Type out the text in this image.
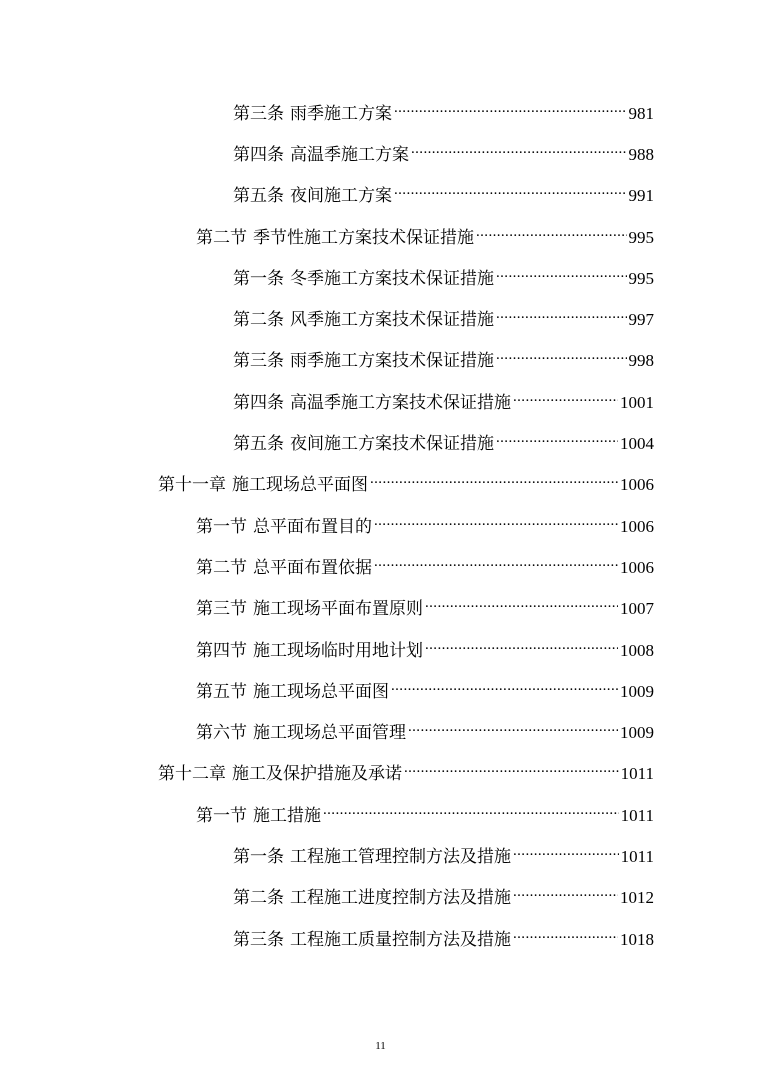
第三条 雨季施工方案 .....	981
第四条 高温季施工方案 .....	988
第五条 夜间施工方案 .....	991
第二节 季节性施工方案技术保证措施 .....	995
第一条 冬季施工方案技术保证措施 .....	995
第二条 风季施工方案技术保证措施 .....	997
第三条 雨季施工方案技术保证措施 .....	998
第四条 高温季施工方案技术保证措施 .....	1001
第五条 夜间施工方案技术保证措施 .....	1004
第十一章 施工现场总平面图 .....	1006
第一节 总平面布置目的 .....	1006
第二节 总平面布置依据 .....	1006
第三节 施工现场平面布置原则 .....	1007
第四节 施工现场临时用地计划 .....	1008
第五节 施工现场总平面图 .....	1009
第六节 施工现场总平面管理 .....	1009
第十二章 施工及保护措施及承诺 .....	1011
第一节 施工措施 .....	1011
第一条 工程施工管理控制方法及措施 .....	1011
第二条 工程施工进度控制方法及措施 .....	1012
第三条 工程施工质量控制方法及措施 .....	1018
11
